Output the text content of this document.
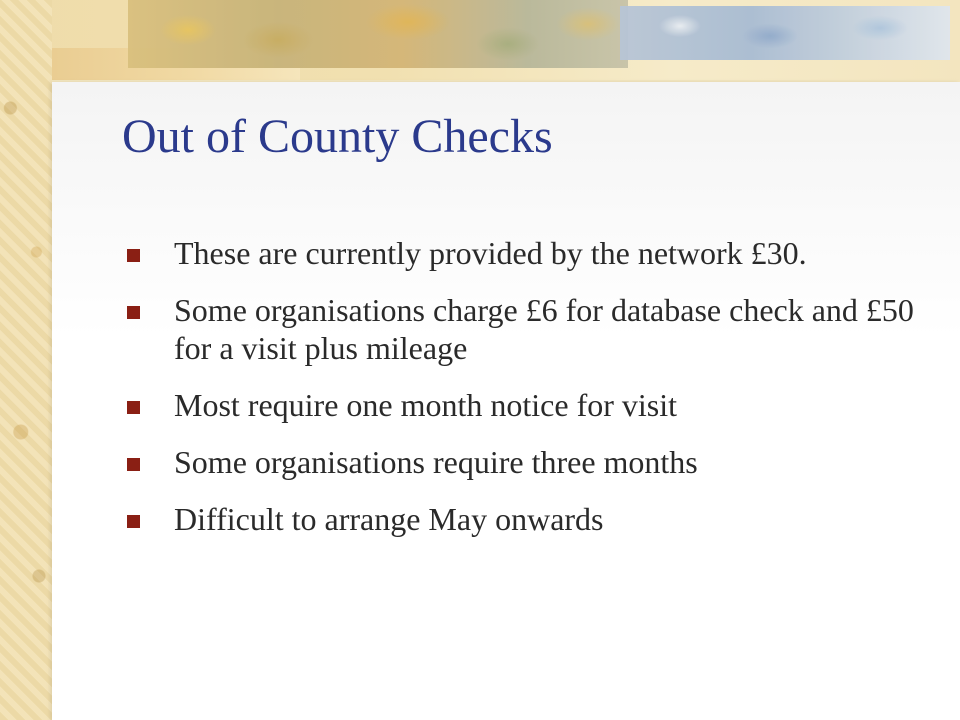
Out of County Checks
These are currently provided by the network £30.
Some organisations charge £6 for database check and £50 for a visit plus mileage
Most require one month notice for visit
Some organisations require three months
Difficult to arrange May onwards
